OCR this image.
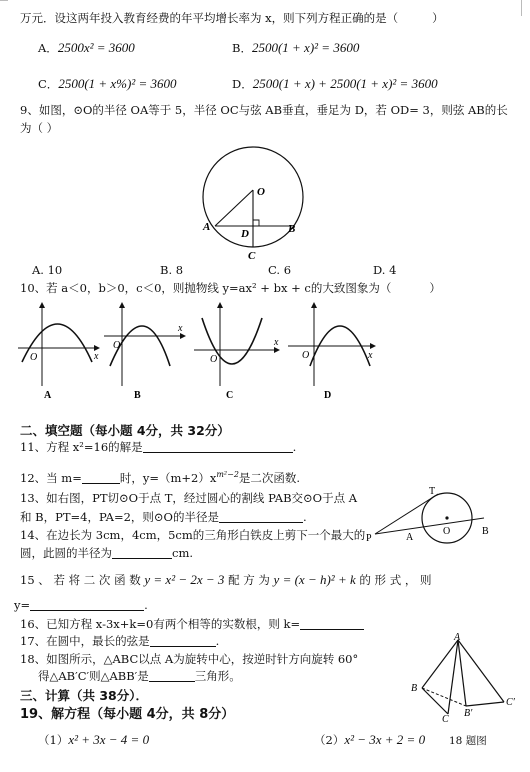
万元．设这两年投入教育经费的年平均增长率为 x，则下列方程正确的是（	）
A．2500x² = 3600	B．2500(1 + x)² = 3600
C．2500(1 + x%)² = 3600	D．2500(1 + x) + 2500(1 + x)² = 3600
9、如图，⊙O的半径 OA等于 5，半径 OC与弦 AB垂直，垂足为 D，若 OD= 3，则弦 AB的长
为（ ）
O
A
D	B
C
A. 10	B. 8	C. 6	D. 4
10、若 a＜0，b＞0，c＜0，则抛物线 y=ax² + bx + c的大致图象为（	）
O	x
A
O
x
B
O
x
C
O	x
D
二、填空题（每小题 4分，共 32分）
11、方程 x²=16的解是	.
12、当 m=	时，$y=(m+2)x^{m^2-2}$是二次函数.
13、如右图，PT切⊙O于点 T，经过圆心的割线 PAB交⊙O于点 A
和 B，PT=4，PA=2，则⊙O的半径是	.
14、在边长为 3cm，4cm，5cm的三角形白铁皮上剪下一个最大的
圆，此圆的半径为	cm.
T
P	A
O	B
15 、 若 将 二 次 函 数 y = x² − 2x − 3 配 方 为 y = (x − h)² + k 的 形 式 ， 则
y=	.
16、已知方程 x-3x+k=0有两个相等的实数根，则 k=
17、在圆中，最长的弦是	.
18、如图所示，△ABC以点 A为旋转中心，按逆时针方向旋转 60°
得△AB′C′则△ABB′是	三角形。
A
B
C
B′
C′
三、计算（共 38分）．
19、解方程（每小题 4分，共 8分）
（1）x² + 3x − 4 = 0	（2）x² − 3x + 2 = 0 18 题图
